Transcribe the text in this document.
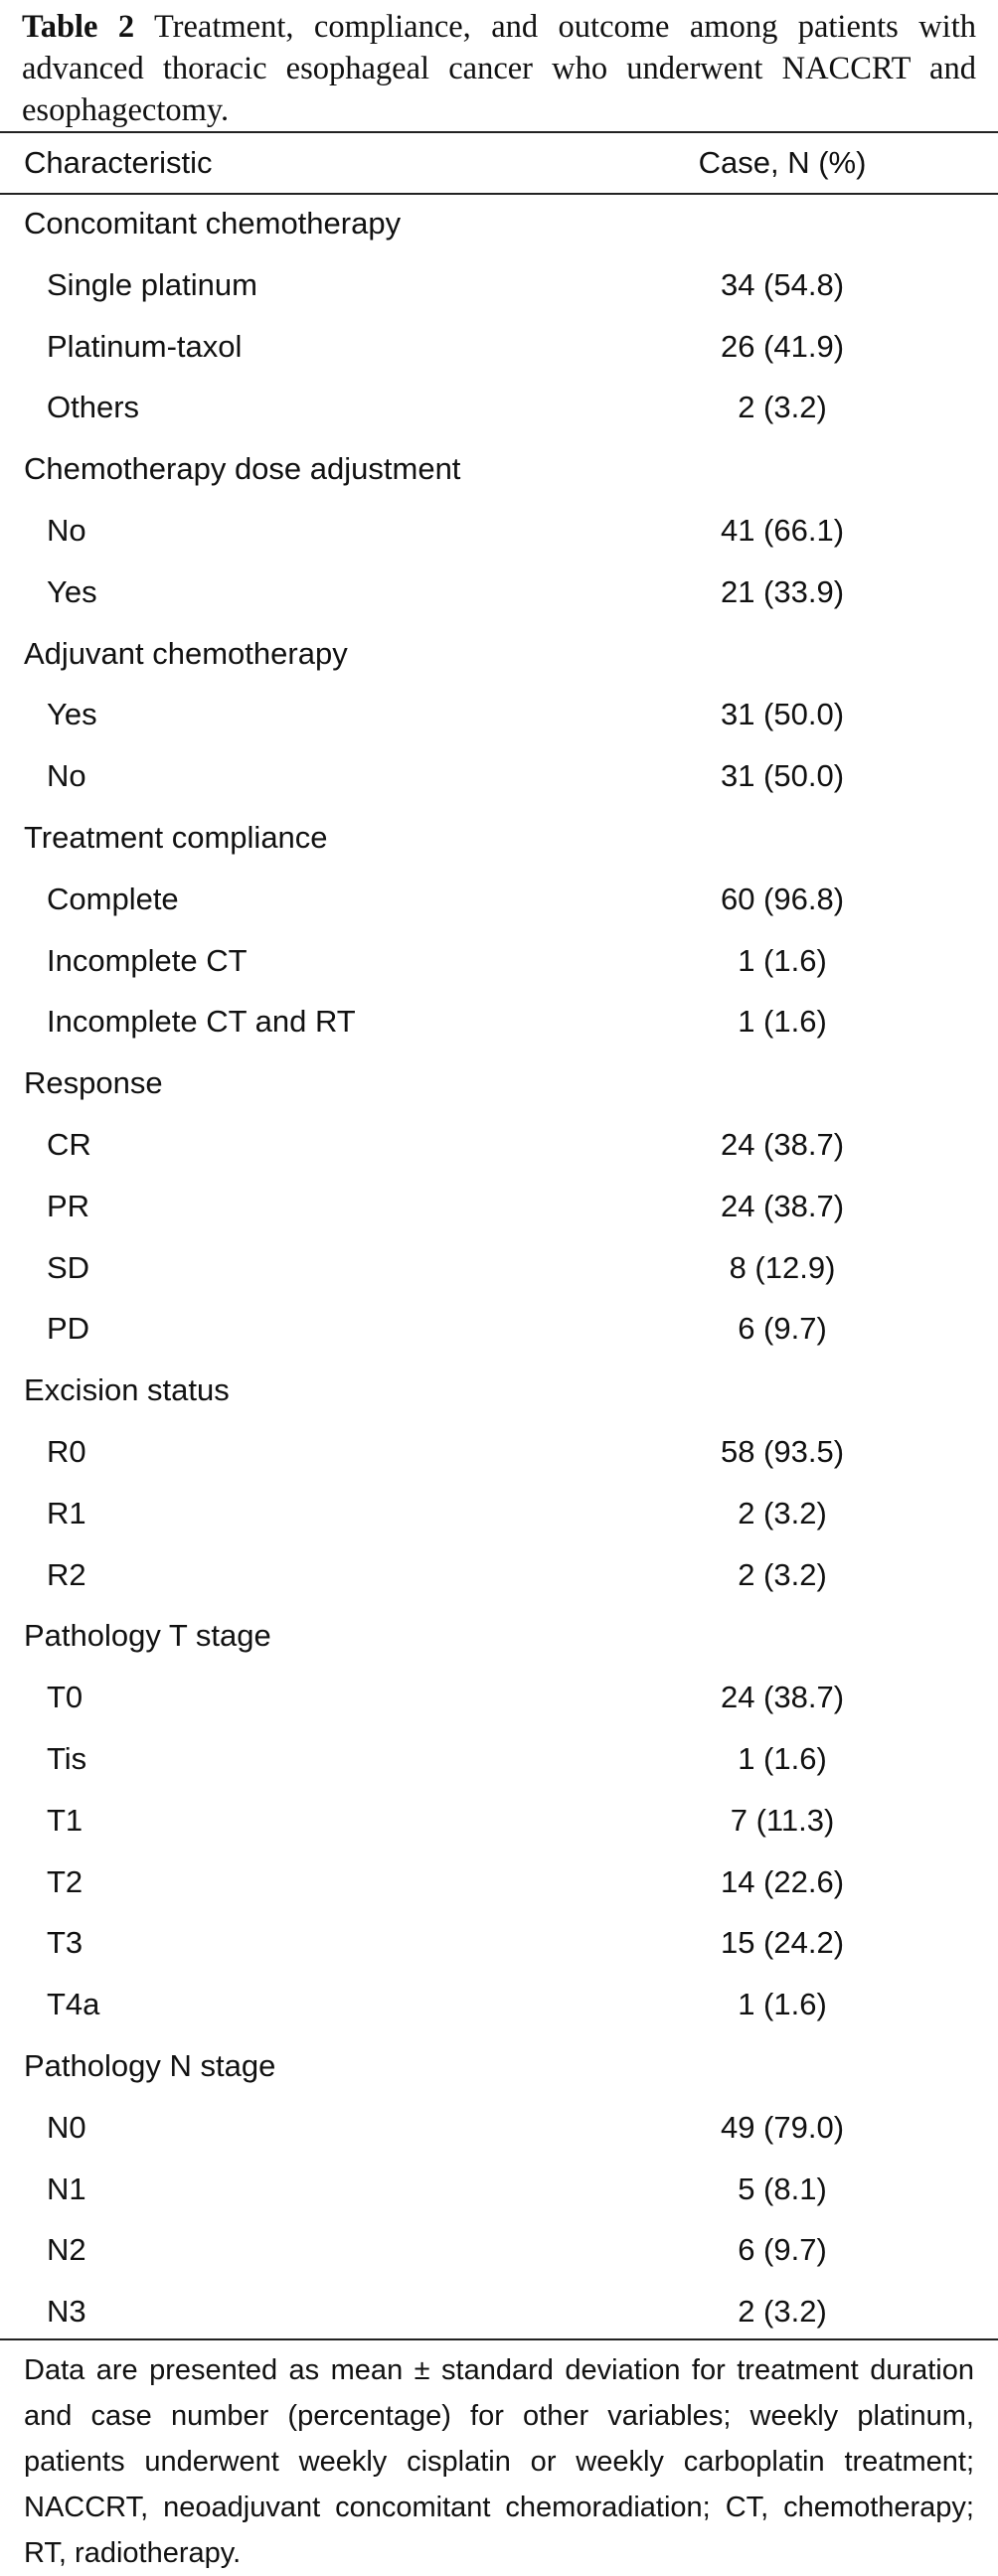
Table 2 Treatment, compliance, and outcome among patients with advanced thoracic esophageal cancer who underwent NACCRT and esophagectomy.
Characteristic	Case, N (%)
Concomitant chemotherapy
Single platinum	34 (54.8)
Platinum-taxol	26 (41.9)
Others	2 (3.2)
Chemotherapy dose adjustment
No	41 (66.1)
Yes	21 (33.9)
Adjuvant chemotherapy
Yes	31 (50.0)
No	31 (50.0)
Treatment compliance
Complete	60 (96.8)
Incomplete CT	1 (1.6)
Incomplete CT and RT	1 (1.6)
Response
CR	24 (38.7)
PR	24 (38.7)
SD	8 (12.9)
PD	6 (9.7)
Excision status
R0	58 (93.5)
R1	2 (3.2)
R2	2 (3.2)
Pathology T stage
T0	24 (38.7)
Tis	1 (1.6)
T1	7 (11.3)
T2	14 (22.6)
T3	15 (24.2)
T4a	1 (1.6)
Pathology N stage
N0	49 (79.0)
N1	5 (8.1)
N2	6 (9.7)
N3	2 (3.2)
Data are presented as mean ± standard deviation for treatment duration and case number (percentage) for other variables; weekly platinum, patients underwent weekly cisplatin or weekly carboplatin treatment; NACCRT, neoadjuvant concomitant chemoradiation; CT, chemotherapy; RT, radiotherapy.
